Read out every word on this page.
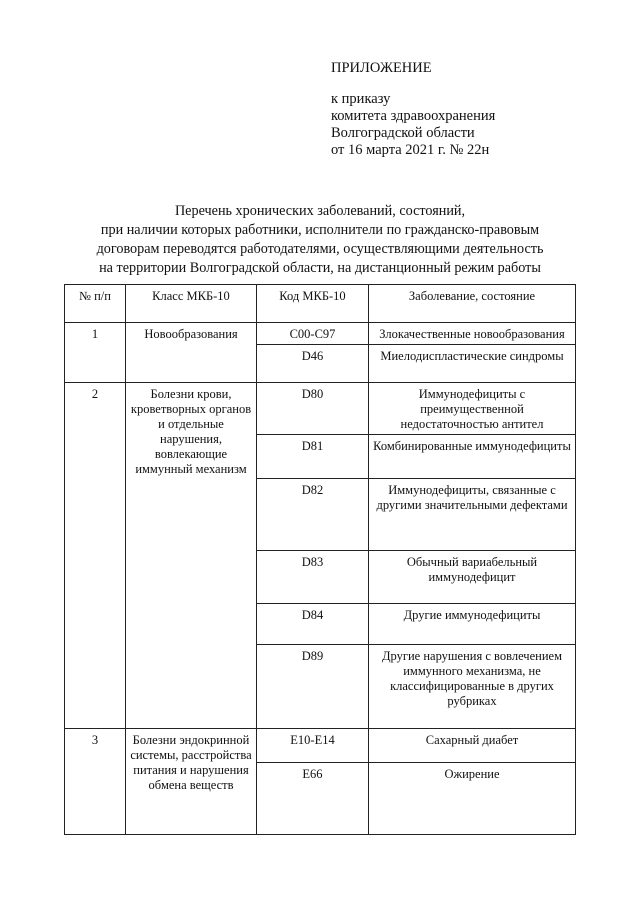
ПРИЛОЖЕНИЕ
к приказу
комитета здравоохранения
Волгоградской области
от 16 марта 2021 г. № 22н
Перечень хронических заболеваний, состояний,
при наличии которых работники, исполнители по гражданско-правовым
договорам переводятся работодателями, осуществляющими деятельность
на территории Волгоградской области, на дистанционный режим работы
№ п/п	Класс МКБ-10	Код МКБ-10	Заболевание, состояние
1	Новообразования	C00-C97	Злокачественные новообразования
		D46	Миелодиспластические синдромы
2	Болезни крови, кроветворных органов и отдельные нарушения, вовлекающие иммунный механизм	D80	Иммунодефициты с преимущественной недостаточностью антител
		D81	Комбинированные иммунодефициты
		D82	Иммунодефициты, связанные с другими значительными дефектами
		D83	Обычный вариабельный иммунодефицит
		D84	Другие иммунодефициты
		D89	Другие нарушения с вовлечением иммунного механизма, не классифицированные в других рубриках
3	Болезни эндокринной системы, расстройства питания и нарушения обмена веществ	E10-E14	Сахарный диабет
		E66	Ожирение
